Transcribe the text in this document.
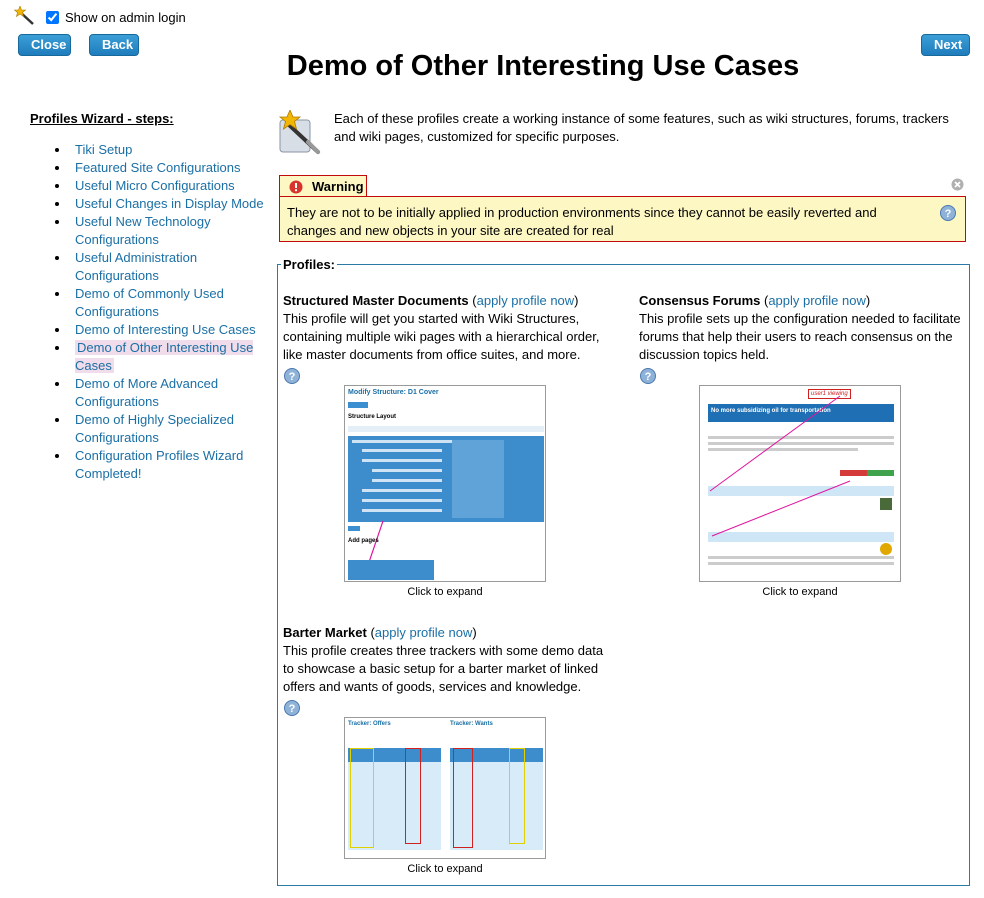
Show on admin login
Close	Back	Next
Demo of Other Interesting Use Cases
Profiles Wizard - steps:
• Tiki Setup
• Featured Site Configurations
• Useful Micro Configurations
• Useful Changes in Display Mode
• Useful New Technology Configurations
• Useful Administration Configurations
• Demo of Commonly Used Configurations
• Demo of Interesting Use Cases
• Demo of Other Interesting Use Cases
• Demo of More Advanced Configurations
• Demo of Highly Specialized Configurations
• Configuration Profiles Wizard Completed!
Each of these profiles create a working instance of some features, such as wiki structures, forums, trackers and wiki pages, customized for specific purposes.
Warning
They are not to be initially applied in production environments since they cannot be easily reverted and changes and new objects in your site are created for real
?
Profiles:
Structured Master Documents (apply profile now)
This profile will get you started with Wiki Structures, containing multiple wiki pages with a hierarchical order, like master documents from office suites, and more.
?
Modify Structure: D1 Cover
Structure Layout
Add pages
Click to expand
Consensus Forums (apply profile now)
This profile sets up the configuration needed to facilitate forums that help their users to reach consensus on the discussion topics held.
?
user1 viewing
No more subsidizing oil for transportation
Click to expand
Barter Market (apply profile now)
This profile creates three trackers with some demo data to showcase a basic setup for a barter market of linked offers and wants of goods, services and knowledge.
?
Tracker: Offers	Tracker: Wants
Click to expand
